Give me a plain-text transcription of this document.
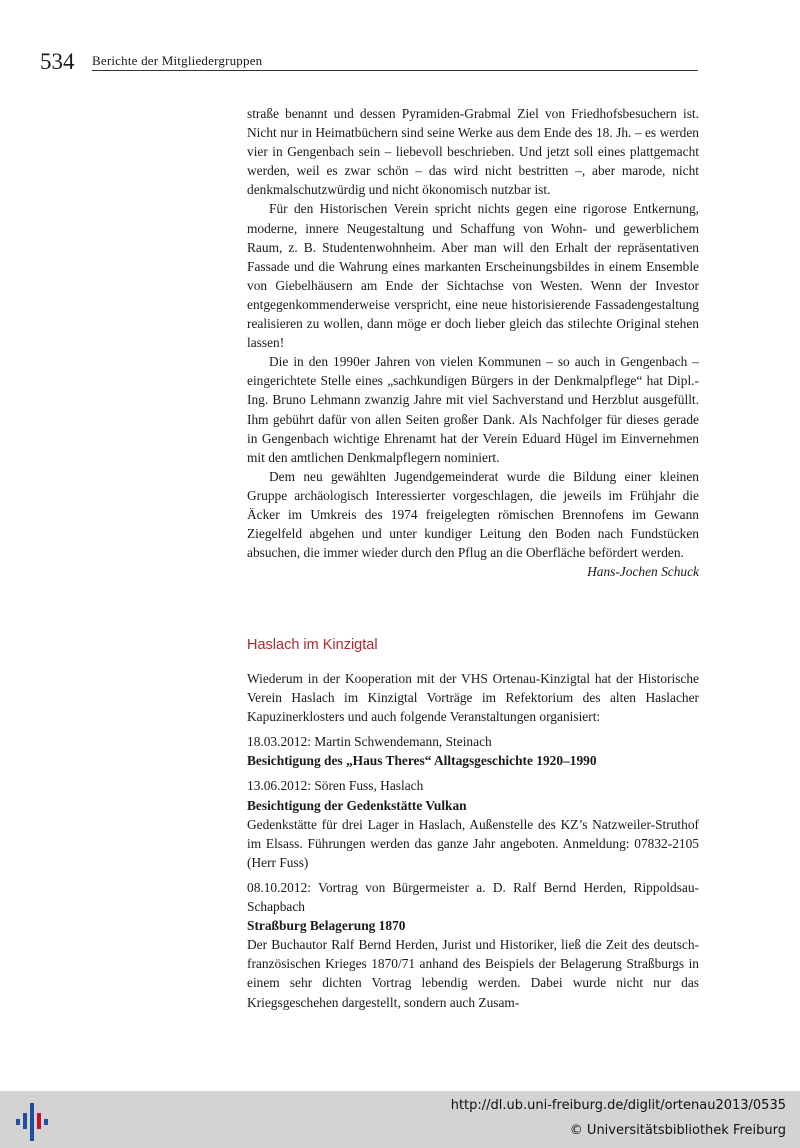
534 Berichte der Mitgliedergruppen

straße benannt und dessen Pyramiden-Grabmal Ziel von Friedhofsbesuchern ist. Nicht nur in Heimatbüchern sind seine Werke aus dem Ende des 18. Jh. – es werden vier in Gengenbach sein – liebevoll beschrieben. Und jetzt soll eines plattgemacht werden, weil es zwar schön – das wird nicht bestritten –, aber marode, nicht denkmalschutzwürdig und nicht ökonomisch nutzbar ist.

Für den Historischen Verein spricht nichts gegen eine rigorose Entkernung, moderne, innere Neugestaltung und Schaffung von Wohn- und gewerblichem Raum, z. B. Studentenwohnheim. Aber man will den Erhalt der repräsentativen Fassade und die Wahrung eines markanten Erscheinungsbildes in einem Ensemble von Giebelhäusern am Ende der Sichtachse von Westen. Wenn der Investor entgegenkommenderweise verspricht, eine neue historisierende Fassadengestaltung realisieren zu wollen, dann möge er doch lieber gleich das stilechte Original stehen lassen!

Die in den 1990er Jahren von vielen Kommunen – so auch in Gengenbach – eingerichtete Stelle eines „sachkundigen Bürgers in der Denkmalpflege“ hat Dipl.-Ing. Bruno Lehmann zwanzig Jahre mit viel Sachverstand und Herzblut ausgefüllt. Ihm gebührt dafür von allen Seiten großer Dank. Als Nachfolger für dieses gerade in Gengenbach wichtige Ehrenamt hat der Verein Eduard Hügel im Einvernehmen mit den amtlichen Denkmalpflegern nominiert.

Dem neu gewählten Jugendgemeinderat wurde die Bildung einer kleinen Gruppe archäologisch Interessierter vorgeschlagen, die jeweils im Frühjahr die Äcker im Umkreis des 1974 freigelegten römischen Brennofens im Gewann Ziegelfeld abgehen und unter kundiger Leitung den Boden nach Fundstücken absuchen, die immer wieder durch den Pflug an die Oberfläche befördert werden.
Hans-Jochen Schuck

Haslach im Kinzigtal

Wiederum in der Kooperation mit der VHS Ortenau-Kinzigtal hat der Historische Verein Haslach im Kinzigtal Vorträge im Refektorium des alten Haslacher Kapuzinerklosters und auch folgende Veranstaltungen organisiert:

18.03.2012: Martin Schwendemann, Steinach

Besichtigung des „Haus Theres“ Alltagsgeschichte 1920–1990

13.06.2012: Sören Fuss, Haslach

Besichtigung der Gedenkstätte Vulkan

Gedenkstätte für drei Lager in Haslach, Außenstelle des KZ’s Natzweiler-Struthof im Elsass. Führungen werden das ganze Jahr angeboten. Anmeldung: 07832-2105 (Herr Fuss)

08.10.2012: Vortrag von Bürgermeister a. D. Ralf Bernd Herden, Rippoldsau-Schapbach

Straßburg Belagerung 1870

Der Buchautor Ralf Bernd Herden, Jurist und Historiker, ließ die Zeit des deutsch-französischen Krieges 1870/71 anhand des Beispiels der Belagerung Straßburgs in einem sehr dichten Vortrag lebendig werden. Dabei wurde nicht nur das Kriegsgeschehen dargestellt, sondern auch Zusam-

http://dl.ub.uni-freiburg.de/diglit/ortenau2013/0535
© Universitätsbibliothek Freiburg
